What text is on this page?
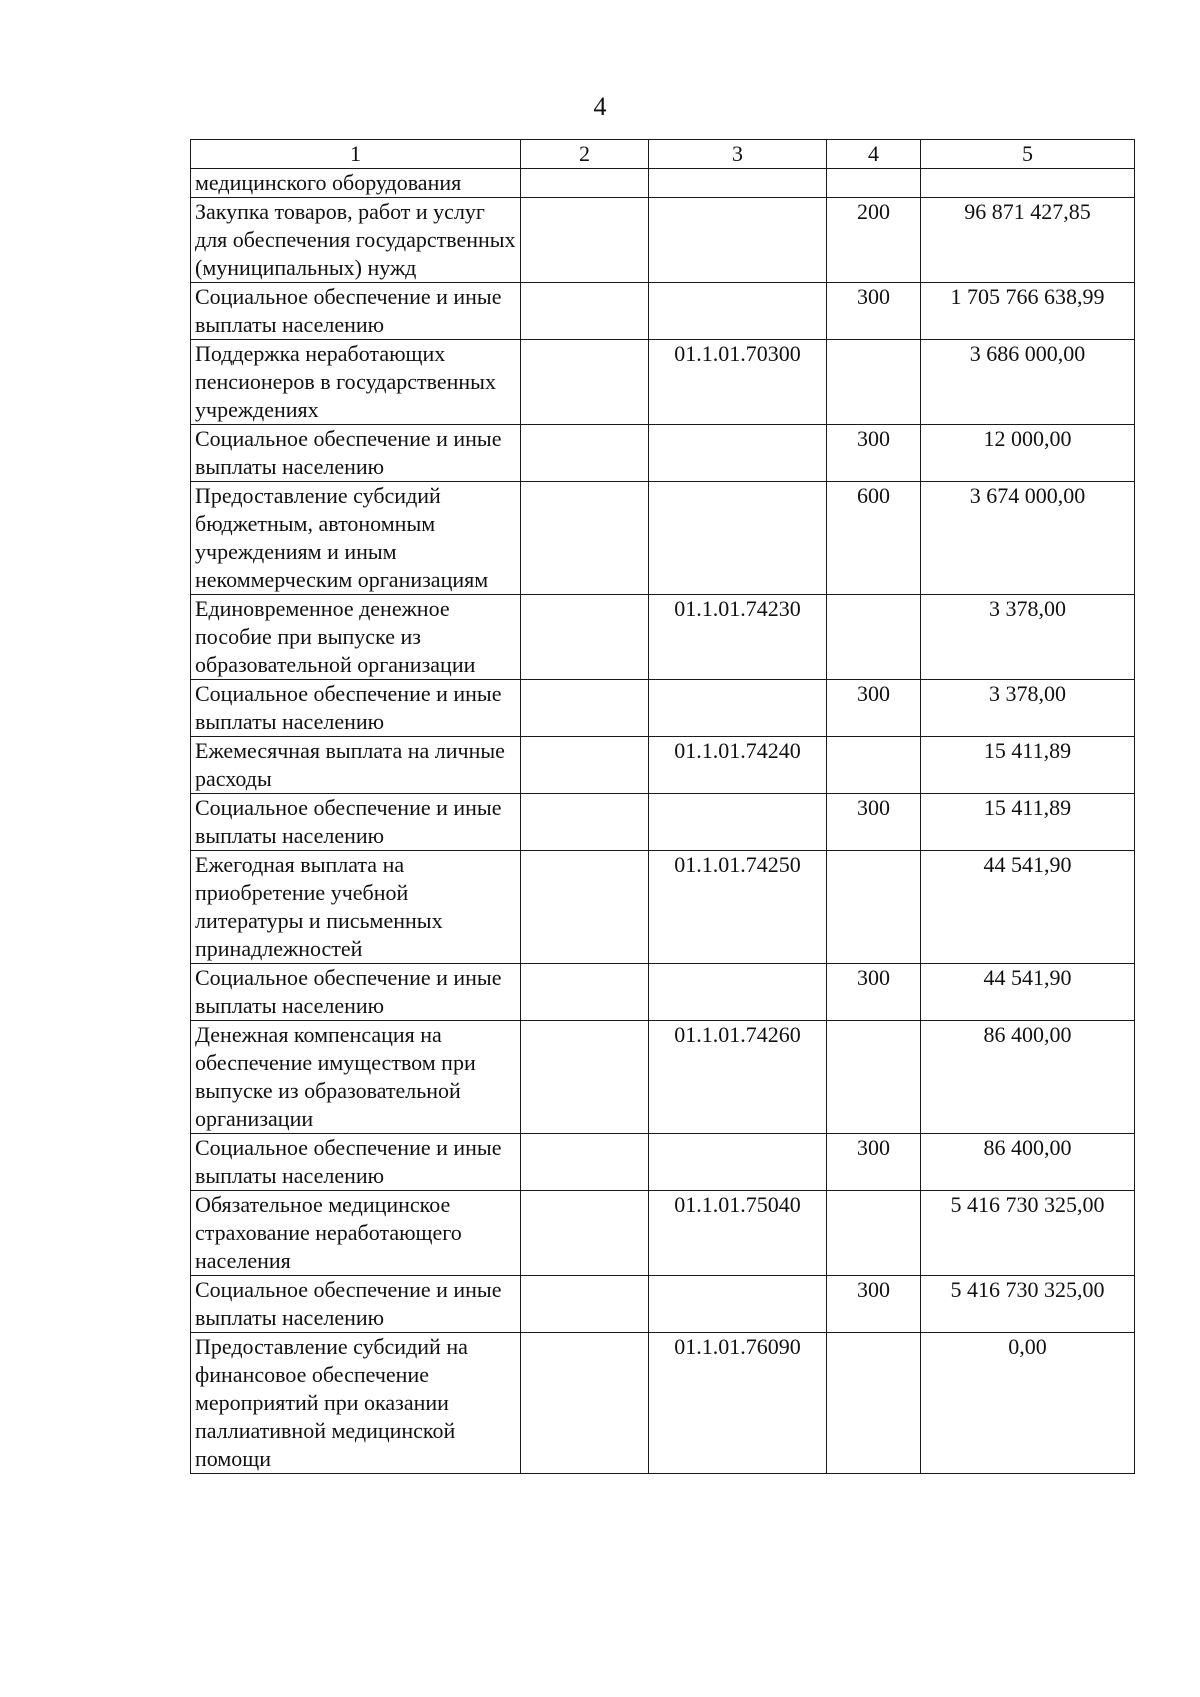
4
1	2	3	4	5
медицинского оборудования				
Закупка товаров, работ и услуг для обеспечения государственных (муниципальных) нужд			200	96 871 427,85
Социальное обеспечение и иные выплаты населению			300	1 705 766 638,99
Поддержка неработающих пенсионеров в государственных учреждениях		01.1.01.70300		3 686 000,00
Социальное обеспечение и иные выплаты населению			300	12 000,00
Предоставление субсидий бюджетным, автономным учреждениям и иным некоммерческим организациям			600	3 674 000,00
Единовременное денежное пособие при выпуске из образовательной организации		01.1.01.74230		3 378,00
Социальное обеспечение и иные выплаты населению			300	3 378,00
Ежемесячная выплата на личные расходы		01.1.01.74240		15 411,89
Социальное обеспечение и иные выплаты населению			300	15 411,89
Ежегодная выплата на приобретение учебной литературы и письменных принадлежностей		01.1.01.74250		44 541,90
Социальное обеспечение и иные выплаты населению			300	44 541,90
Денежная компенсация на обеспечение имуществом при выпуске из образовательной организации		01.1.01.74260		86 400,00
Социальное обеспечение и иные выплаты населению			300	86 400,00
Обязательное медицинское страхование неработающего населения		01.1.01.75040		5 416 730 325,00
Социальное обеспечение и иные выплаты населению			300	5 416 730 325,00
Предоставление субсидий на финансовое обеспечение мероприятий при оказании паллиативной медицинской помощи		01.1.01.76090		0,00
